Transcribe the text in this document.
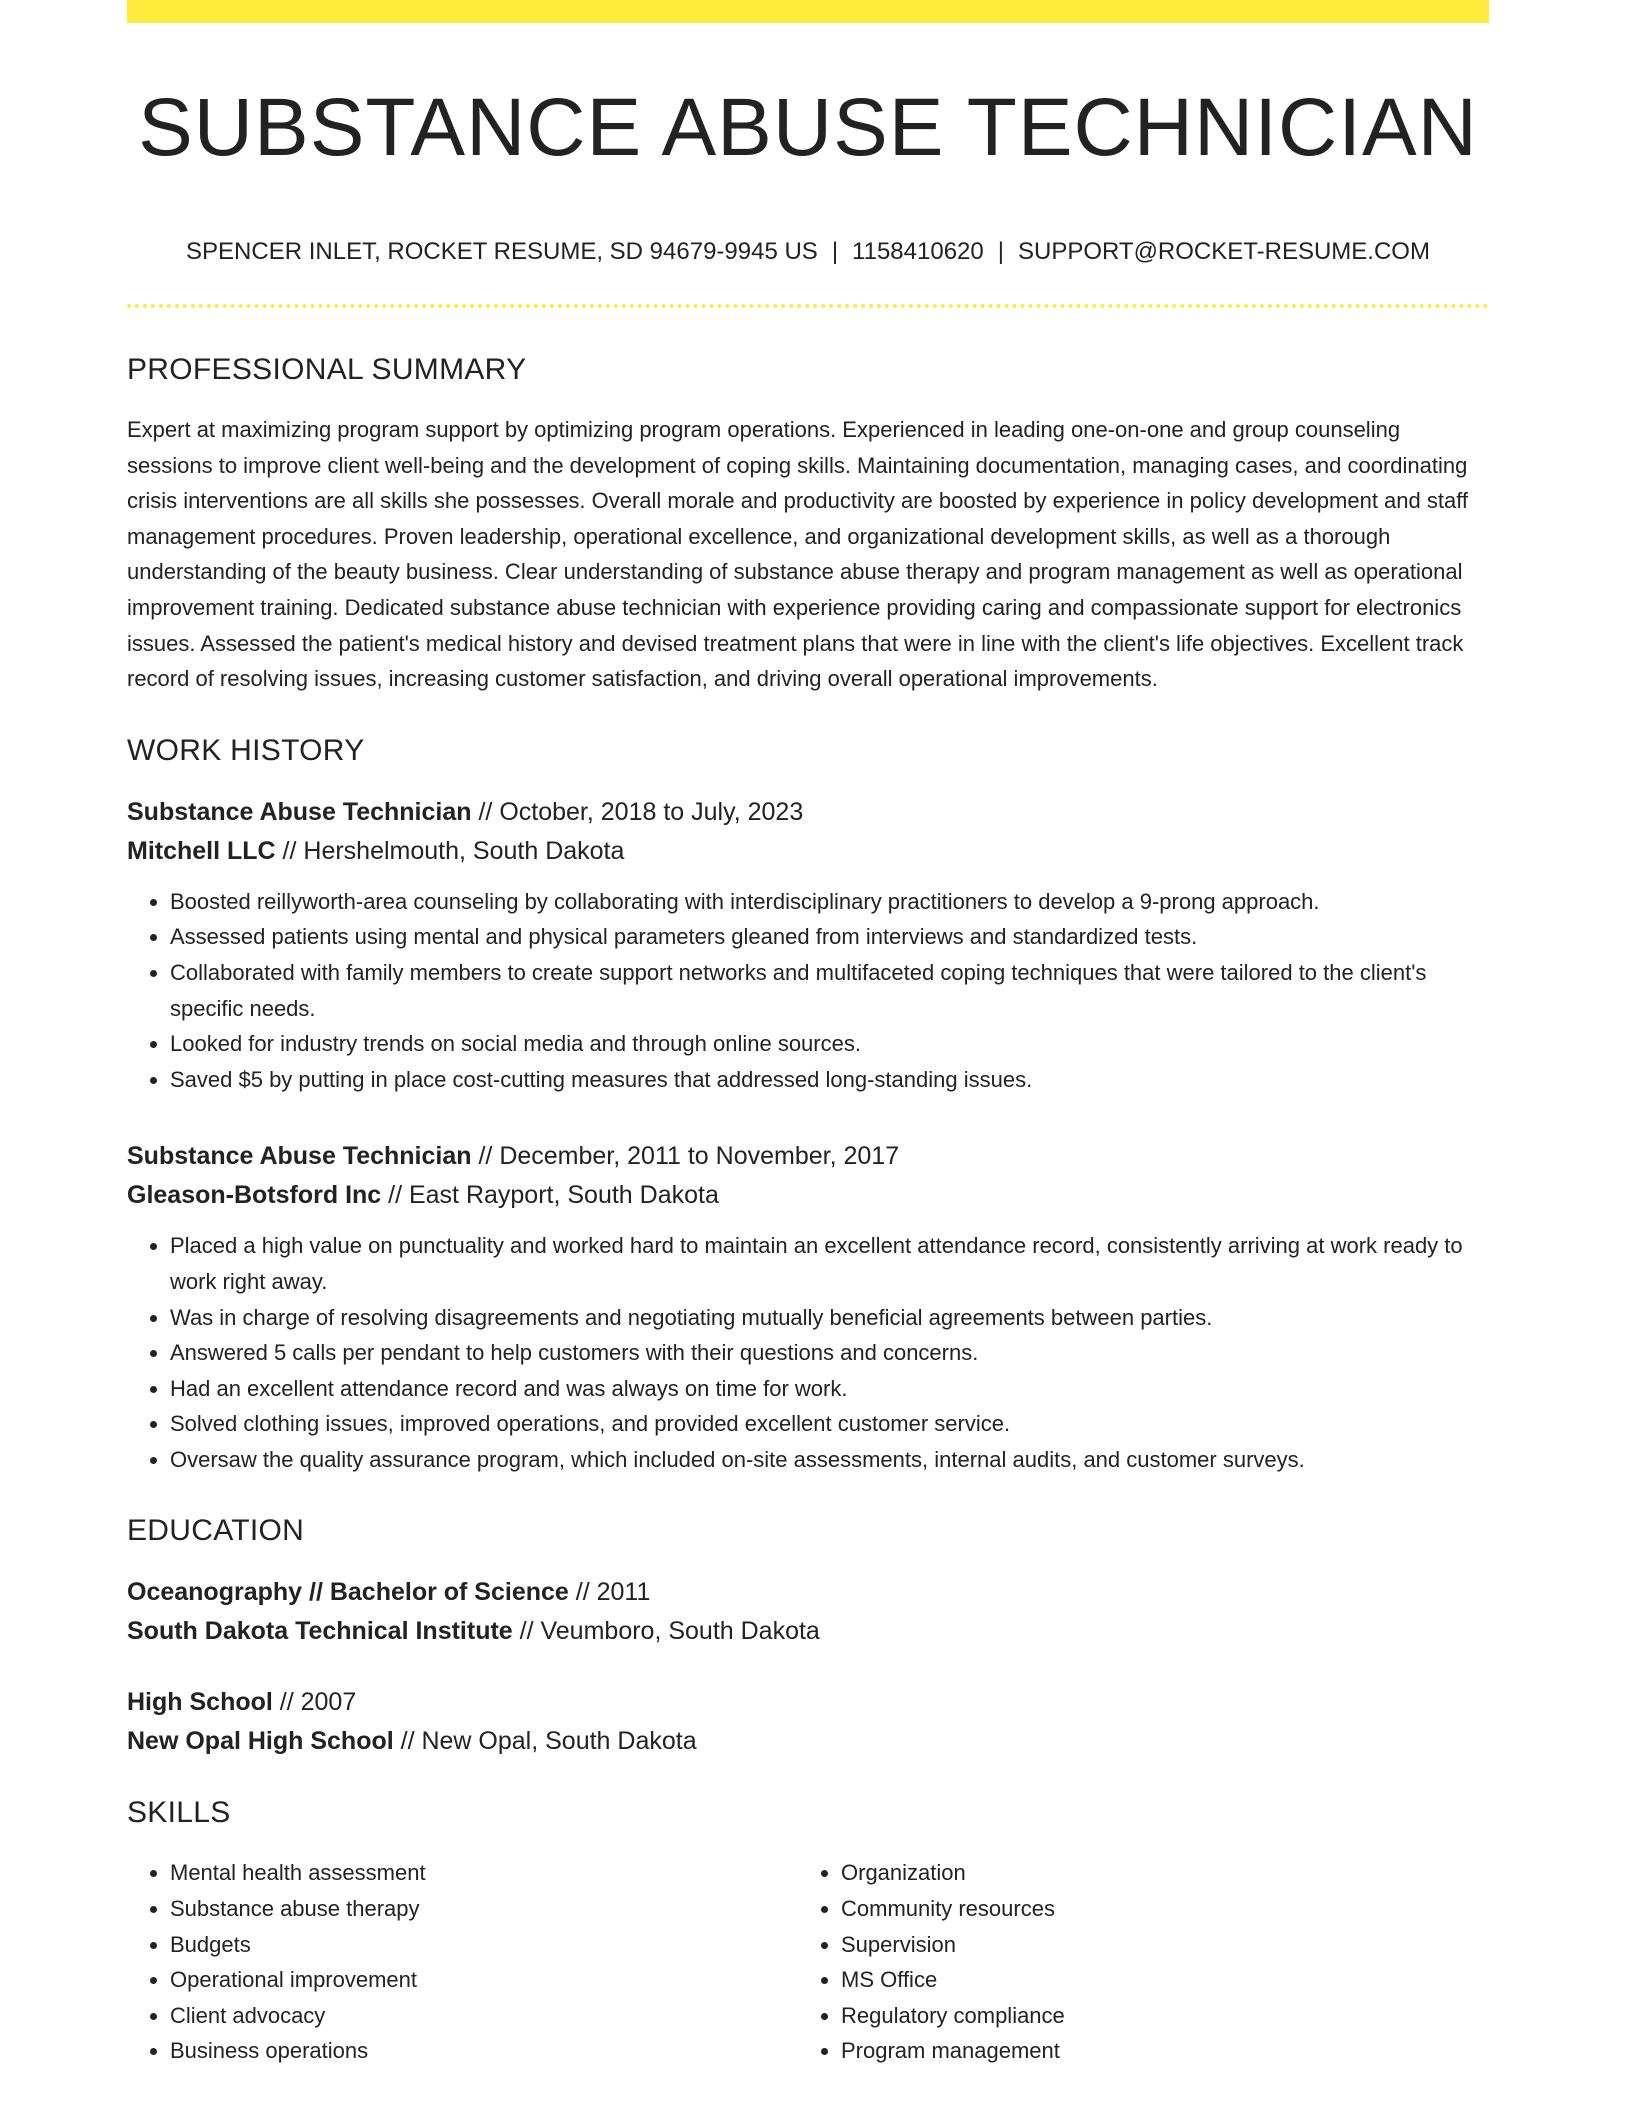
SUBSTANCE ABUSE TECHNICIAN
SPENCER INLET, ROCKET RESUME, SD 94679-9945 US | 1158410620 | SUPPORT@ROCKET-RESUME.COM
PROFESSIONAL SUMMARY

Expert at maximizing program support by optimizing program operations. Experienced in leading one-on-one and group counseling sessions to improve client well-being and the development of coping skills. Maintaining documentation, managing cases, and coordinating crisis interventions are all skills she possesses. Overall morale and productivity are boosted by experience in policy development and staff management procedures. Proven leadership, operational excellence, and organizational development skills, as well as a thorough understanding of the beauty business. Clear understanding of substance abuse therapy and program management as well as operational improvement training. Dedicated substance abuse technician with experience providing caring and compassionate support for electronics issues. Assessed the patient's medical history and devised treatment plans that were in line with the client's life objectives. Excellent track record of resolving issues, increasing customer satisfaction, and driving overall operational improvements.

WORK HISTORY

Substance Abuse Technician // October, 2018 to July, 2023

Mitchell LLC // Hershelmouth, South Dakota

• Boosted reillyworth-area counseling by collaborating with interdisciplinary practitioners to develop a 9-prong approach.
• Assessed patients using mental and physical parameters gleaned from interviews and standardized tests.
• Collaborated with family members to create support networks and multifaceted coping techniques that were tailored to the client's specific needs.
• Looked for industry trends on social media and through online sources.
• Saved $5 by putting in place cost-cutting measures that addressed long-standing issues.

Substance Abuse Technician // December, 2011 to November, 2017

Gleason-Botsford Inc // East Rayport, South Dakota

• Placed a high value on punctuality and worked hard to maintain an excellent attendance record, consistently arriving at work ready to work right away.
• Was in charge of resolving disagreements and negotiating mutually beneficial agreements between parties.
• Answered 5 calls per pendant to help customers with their questions and concerns.
• Had an excellent attendance record and was always on time for work.
• Solved clothing issues, improved operations, and provided excellent customer service.
• Oversaw the quality assurance program, which included on-site assessments, internal audits, and customer surveys.
EDUCATION

Oceanography // Bachelor of Science // 2011

South Dakota Technical Institute // Veumboro, South Dakota

High School // 2007

New Opal High School // New Opal, South Dakota

SKILLS
• Mental health assessment
• Substance abuse therapy
• Budgets
• Operational improvement
• Client advocacy
• Business operations
• Organization
• Community resources
• Supervision
• MS Office
• Regulatory compliance
• Program management
